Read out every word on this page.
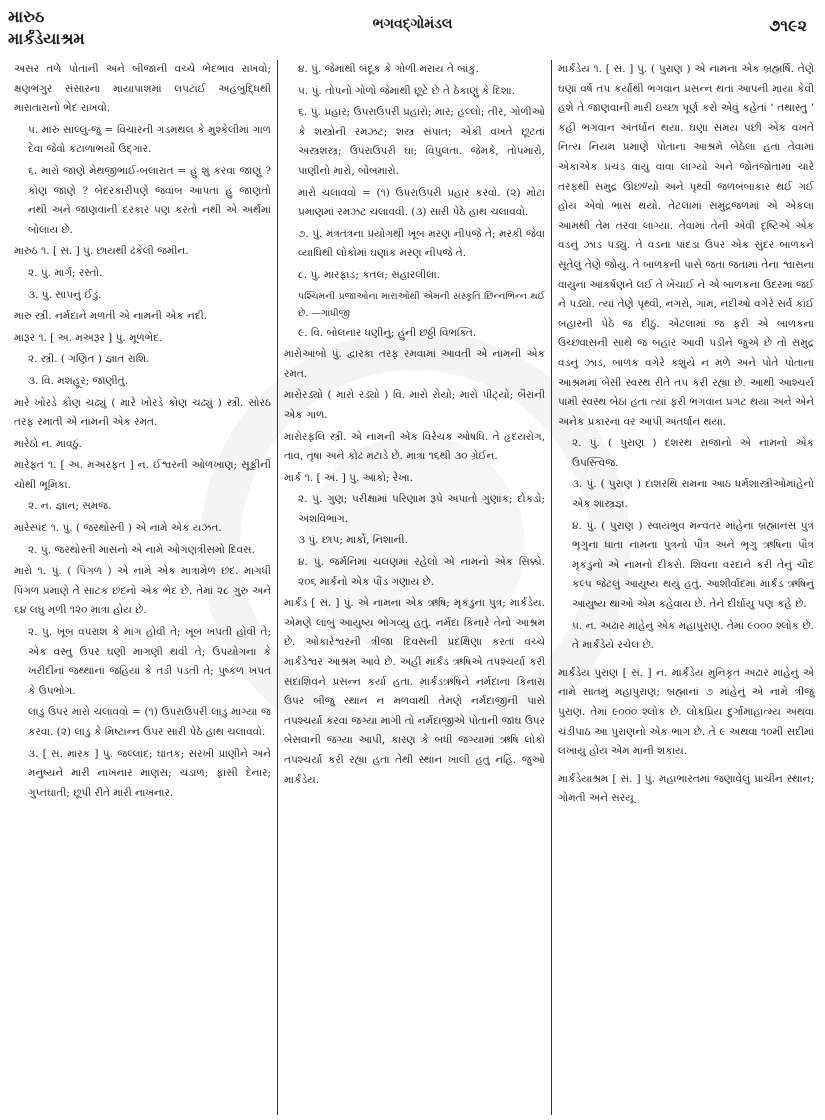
મારુઠ
માર્કંડેયાશ્રમ
ભગવદ્ગોમંડલ	૭૧૯૨

અસર તળે પોતાની અને બીજાની વચ્ચે ભેદભાવ રાખવો; ક્ષણભંગુર સંસારના માયાપાશમાં લપટાઈ અહંબુદ્ધિથી મારાતારાનો ભેદ રાખવો.

પ. મારું સાલ્લું-જું = વિચારની ગડમથલ કે મુશ્કેલીમાં ગાળ દેવા જેવો કંટાળાભર્યો ઉદ્ગાર.

૬. મારો જાણે મેથજીભાઈ-બલારાત = હું શું કરવા જાણું ? કોણ જાણે ? બેદરકારીપણે જવાબ આપતાં હું જાણતો નથી અને જાણવાની દરકાર પણ કરતો નથી એ અર્થમાં બોલાય છે.

મારુઠ ૧. [ સં. ] પું. છાયથી ઢંકેલી જમીન.

૨. પું. માર્ગ; રસ્તો.

૩. પું. સાપનું ઈંડું.

મારુ સ્ત્રી. નર્મદાને મળતી એ નામની એક નદી.

મારૂર ૧. [ અ. મઅરૂર ] પું. મૂળભેદ.

૨. સ્ત્રી. ( ગણિત ) જ્ઞાત રાશિ.

૩. વિ. મશહૂર; જાણીતું.

મારે ખોરડે કોણ ચઢ્યું ( મારે ખોરડે કોણ ચઢ્યું ) સ્ત્રી. સોરઠ તરફ રમાતી એ નામની એક રમત.

મારેઠો ન. માવઠું.

મારેફત ૧. [ અ. મઅરફત ] ન. ઈશ્વરની ઓળખાણ; સૂફીની ચોથી ભૂમિકા.

૨. ન. જ્ઞાન; સમજ.

મારેસ્પંદ ૧. પું. ( જરથોસ્તી ) એ નામે એક યઝત.

૨. પું. જરથોસ્તી માસનો એ નામે ઓગણત્રીસમો દિવસ.

મારો ૧. પું. ( પિંગળ ) એ નામે એક માત્રામેળ છંદ. માગધી પિંગળ પ્રમાણે તે સાટક છંદનો એક ભેદ છે. તેમાં ૨૮ ગુરુ અને ૬૪ લઘુ મળી ૧૨૦ માત્રા હોય છે.

૨. પું. ખૂબ વપરાશ કે માંગ હોવી તે; ખૂબ ખપતી હોવી તે; એક વસ્તુ ઉપર ઘણી માગણી થવી તે; ઉપયોગના કે ખરીદીનાં જથ્થાંનાં જહિયાં કે તડી પડતી તે; પુષ્કળ ખપત કે ઉપભોગ.

લાડુ ઉપર મારો ચલાવવો = (૧) ઉપરાઉપરી લાડુ માગ્યા જ કરવા. (૨) લાડુ કે મિષ્ટાન્ન ઉપર સારી પેઠે હાથ ચલાવવો.

૩. [ સં. મારક ] પું. જલ્લાદ; ઘાતક; સરખી પ્રાણીને અને મનુષ્યને મારી નાખનાર માણસ; ચંડાળ; ફાંસી દેનાર; ગુપ્તઘાતી; છૂપી રીતે મારી નાખનાર.

૪. પું. જેમાંથી બંદૂક કે ગોળી મરાય તે બાંકું.

૫. પું. તોપનો ગોળો જેમાંથી છૂટે છે તે ઠેકાણું કે દિશા.

૬. પું. પ્રહાર; ઉપરાઉપરી પ્રહારો; માર; હલ્લો; તીર, ગોળીઓ કે શસ્ત્રોની રમઝટ; શસ્ત્ર સંપાત; એકી વખતે છૂટતાં અસ્ત્રશસ્ત્ર; ઉપરાઉપરી ઘા; વિપુલતા. જેમકે, તોપમારો, પાણીનો મારો, બોંબમારો.

મારો ચલાવવો = (૧) ઉપરાઉપરી પ્રહાર કરવો. (૨) મોટા પ્રમાણમાં રમઝટ ચલાવવી. (૩) સારી પેઠે હાથ ચલાવવો.

૭. પું. મંત્રતંત્રના પ્રયોગથી ખૂબ મરણ નીપજે તે; મરકી જેવા વ્યાધિથી લોકોમાં ઘણાંક મરણ નીપજે તે.

૮. પું. મારફાડ; કતલ; સંહારલીલા.

પશ્ચિમની પ્રજાઓના મારાઓથી એમની સંસ્કૃતિ છિન્નભિન્ન થઈ છે. —ગાંધીજી

૯. વિ. બોલનાર ધણીનું; હુંની છઠ્ઠી વિભક્તિ.

મારોઆંબો પું. દ્વારકા તરફ રમવામાં આવતી એ નામની એક રમત.

મારોરડ્યો ( મારો રડ્યો ) વિ. મારો રોયો; મારો પીટ્યો; બૈરાંની એક ગાળ.

મારોરફલિ સ્ત્રી. એ નામની એક વિરેચક ઓષધિ. તે હૃદયરોગ, તાવ, તૃષા અને કોઢ મટાડે છે. માત્રા ૧૬થી ૩૦ ગ્રેઈન.

માર્ક ૧. [ અં. ] પું. આંકો; રેખા.

૨. પું. ગુણ; પરીક્ષામાં પરિણામ રૂપે અપાતો ગુણાંક; દોકડો; અંશવિભાગ.

૩ પું. છાપ; માર્કો, નિશાની.

૪. પું. જર્મનિમાં ચલણમાં રહેલો એ નામનો એક સિક્કો. ૨૦૬ માર્કનો એક પૌંડ ગણાય છે.

માર્કંડ [ સં. ] પું. એ નામના એક ઋષિ; મૃકંડુના પુત્ર; માર્કંડેય. એમણે લાંબું આયુષ્ય ભોગવ્યું હતું. નર્મદા કિનારે તેનો આશ્રમ છે. ઓંકારેશ્વરની ત્રીજા દિવસની પ્રદક્ષિણા કરતાં વચ્ચે માર્કંડેશ્વર આશ્રમ આવે છે. અહીં માર્કંડ ઋષિએ તપશ્ચર્યા કરી સદાશિવને પ્રસન્ન કર્યા હતા. માર્કંડઋષિને નર્મદાના કિનારા ઉપર બીજું સ્થાન ન મળવાથી તેમણે નર્મદાજીની પાસે તપશ્ચર્યા કરવા જગ્યા માગી તો નર્મદાજીએ પોતાની જાંઘ ઉપર બેસવાની જગ્યા આપી, કારણ કે બધી જગ્યામાં ઋષિ લોકો તપશ્ચર્યા કરી રહ્યા હતા તેથી સ્થાન ખાલી હતું નહિ. જુઓ માર્કંડેય.

માર્કંડેય ૧. [ સં. ] પું. ( પુરાણ ) એ નામના એક બ્રહ્મર્ષિ. તેણે ઘણાં વર્ષ તપ કર્યાથી ભગવાન પ્રસન્ન થતાં આપની માયા કેવી હશે તે જાણવાની મારી ઇચ્છા પૂર્ણ કરો એવું કહેતાં ‘ તથાસ્તુ ’ કહી ભગવાન અંતર્ધાન થયા. ઘણા સમય પછી એક વખતે નિત્ય નિયમ પ્રમાણે પોતાના આશ્રમે બેઠેલા હતા તેવામાં એકાએક પ્રચંડ વાયુ વાવા લાગ્યો અને જોતજોતામાં ચારે તરફથી સમુદ્ર ઊછળ્યો અને પૃથ્વી જળબંબાકાર થઈ ગઈ હોય એવો ભાસ થયો. તેટલામાં સમુદ્રજળમાં એ એકલા આમથી તેમ તરવા લાગ્યા. તેવામાં તેની એવી દૃષ્ટિએ એક વડનું ઝાડ પડ્યું. તે વડના પાંદડા ઉપર એક સુંદર બાળકને સૂતેલું તેણે જોયું. તે બાળકની પાસે જતા જતામાં તેના શ્વાસના વાયુના આકર્ષણને લઈ તે ખેંચાઈ ને એ બાળકના ઉદરમાં જઈ ને પડ્યો. ત્યાં તેણે પૃથ્વી, નગરો, ગામ, નદીઓ વગેરે સર્વ કાંઈ બહારની પેઠે જ દીઠું. એટલામાં જ ફરી એ બાળકના ઉચ્છ્વાસની સાથે જ બહાર આવી પડીને જુએ છે તો સમુદ્ર વડનું ઝાડ, બાળક વગેરે કશુંયે ન મળે અને પોતે પોતાના આશ્રમમાં બેસી સ્વસ્થ રીતે તપ કરી રહ્યા છે. આથી આશ્ચર્ય પામી સ્વસ્થ બેઠા હતા ત્યાં ફરી ભગવાન પ્રગટ થયા અને એને અનેક પ્રકારના વર આપી અંતર્ધાન થયા.

૨. પું. ( પુરાણ ) દશરથ રાજાનો એ નામનો એક ઉપસ્ત્વિજ.

૩. પું. ( પુરાણ ) દાશરથિ રામના આઠ ધર્મશાસ્ત્રીઓમાંહેનો એક શાસ્ત્રજ્ઞ.

૪. પું. ( પુરાણ ) સ્વાયંભુવ મન્વંતર માંહેના બ્રહ્માનસ પુત્ર ભૃગુના ધાતા નામના પુત્રનો પૌત્ર અને ભૃગુ ઋષિના પૌત્ર મૃકંડુનો એ નામનો દીકરો. શિવના વરદાને કરી તેનું ચૌદ કલ્પ જેટલું આયુષ્ય થયું હતું. આશીર્વાદમાં માર્કંડ ઋષિનું આયુષ્ય થાઓ એમ કહેવાય છે. તેને દીર્ઘાયુ પણ કહે છે.

૫. ન. અઢાર માંહેનું એક મહાપુરાણ. તેમાં ૯૦૦૦ શ્લોક છે. તે માર્કંડેયે રચેલ છે.

માર્કંડેય પુરાણ [ સં. ] ન. માર્કંડેય મુનિકૃત અઢાર માંહેનું એ નામે સાતમું મહાપુરાણ; બ્રહ્માનાં ૭ માંહેનું એ નામે ત્રીજું પુરાણ. તેમાં ૯૦૦૦ શ્લોક છે. લોકપ્રિય દુર્ગામાહાત્મ્ય અથવા ચંડીપાઠ આ પુરાણનો એક ભાગ છે. તે ૯ અથવા ૧૦મી સદીમાં લખાયું હોય એમ માની શકાય.

માર્કંડેયાશ્રમ [ સં. ] પું. મહાભારતમાં જણાવેલું પ્રાચીન સ્થાન; ગોમતી અને સરયૂ
